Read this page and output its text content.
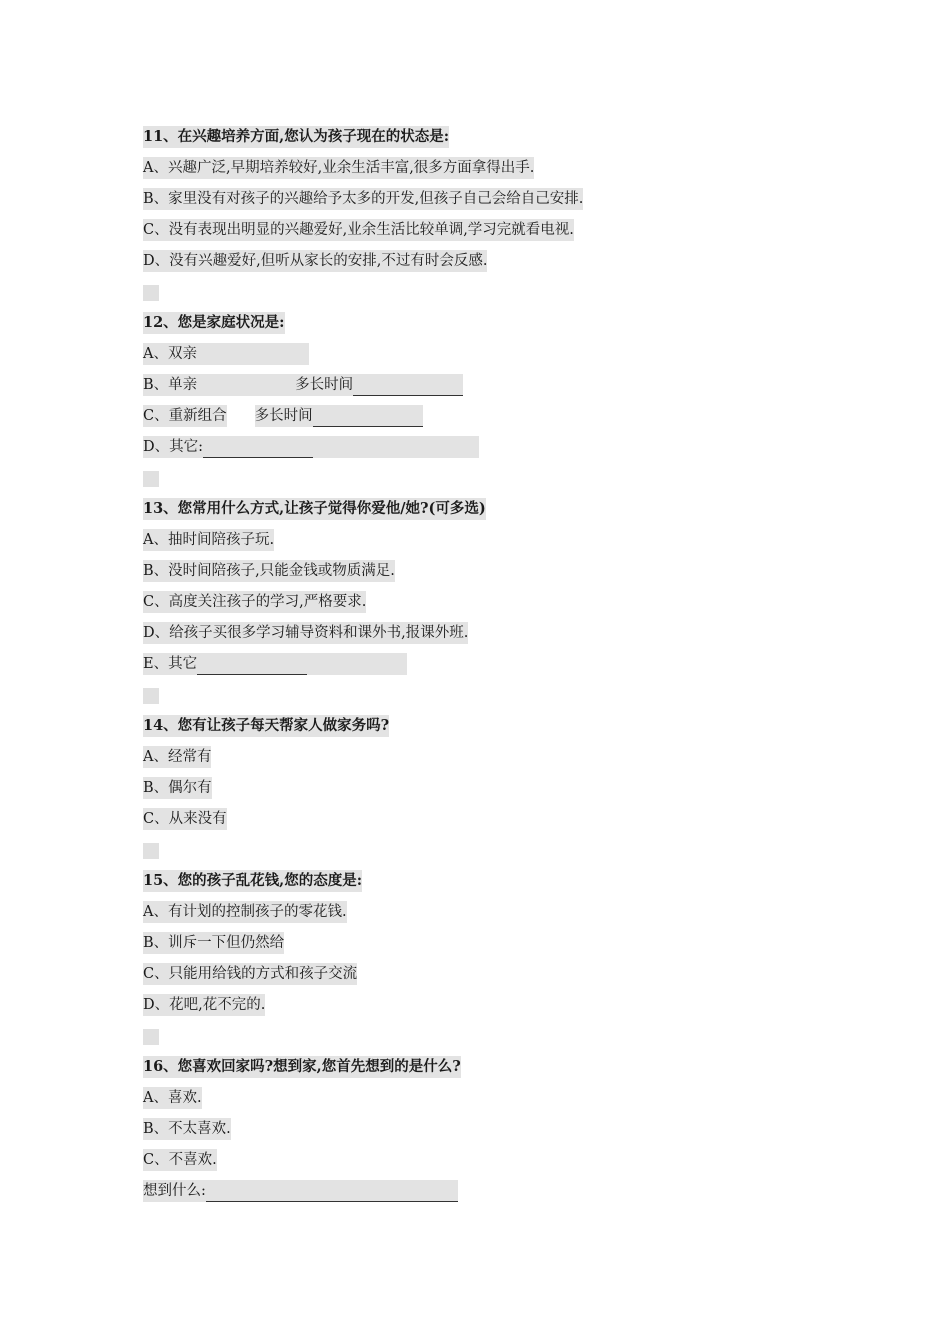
11、在兴趣培养方面,您认为孩子现在的状态是:
A、兴趣广泛,早期培养较好,业余生活丰富,很多方面拿得出手.
B、家里没有对孩子的兴趣给予太多的开发,但孩子自己会给自己安排.
C、没有表现出明显的兴趣爱好,业余生活比较单调,学习完就看电视.
D、没有兴趣爱好,但听从家长的安排,不过有时会反感.
12、您是家庭状况是:
A、双亲
B、单亲	多长时间
C、重新组合 多长时间
D、其它:
13、您常用什么方式,让孩子觉得你爱他/她?(可多选)
A、抽时间陪孩子玩.
B、没时间陪孩子,只能金钱或物质满足.
C、高度关注孩子的学习,严格要求.
D、给孩子买很多学习辅导资料和课外书,报课外班.
E、其它
14、您有让孩子每天帮家人做家务吗?
A、经常有
B、偶尔有
C、从来没有
15、您的孩子乱花钱,您的态度是:
A、有计划的控制孩子的零花钱.
B、训斥一下但仍然给
C、只能用给钱的方式和孩子交流
D、花吧,花不完的.
16、您喜欢回家吗?想到家,您首先想到的是什么?
A、喜欢.
B、不太喜欢.
C、不喜欢.
想到什么:
